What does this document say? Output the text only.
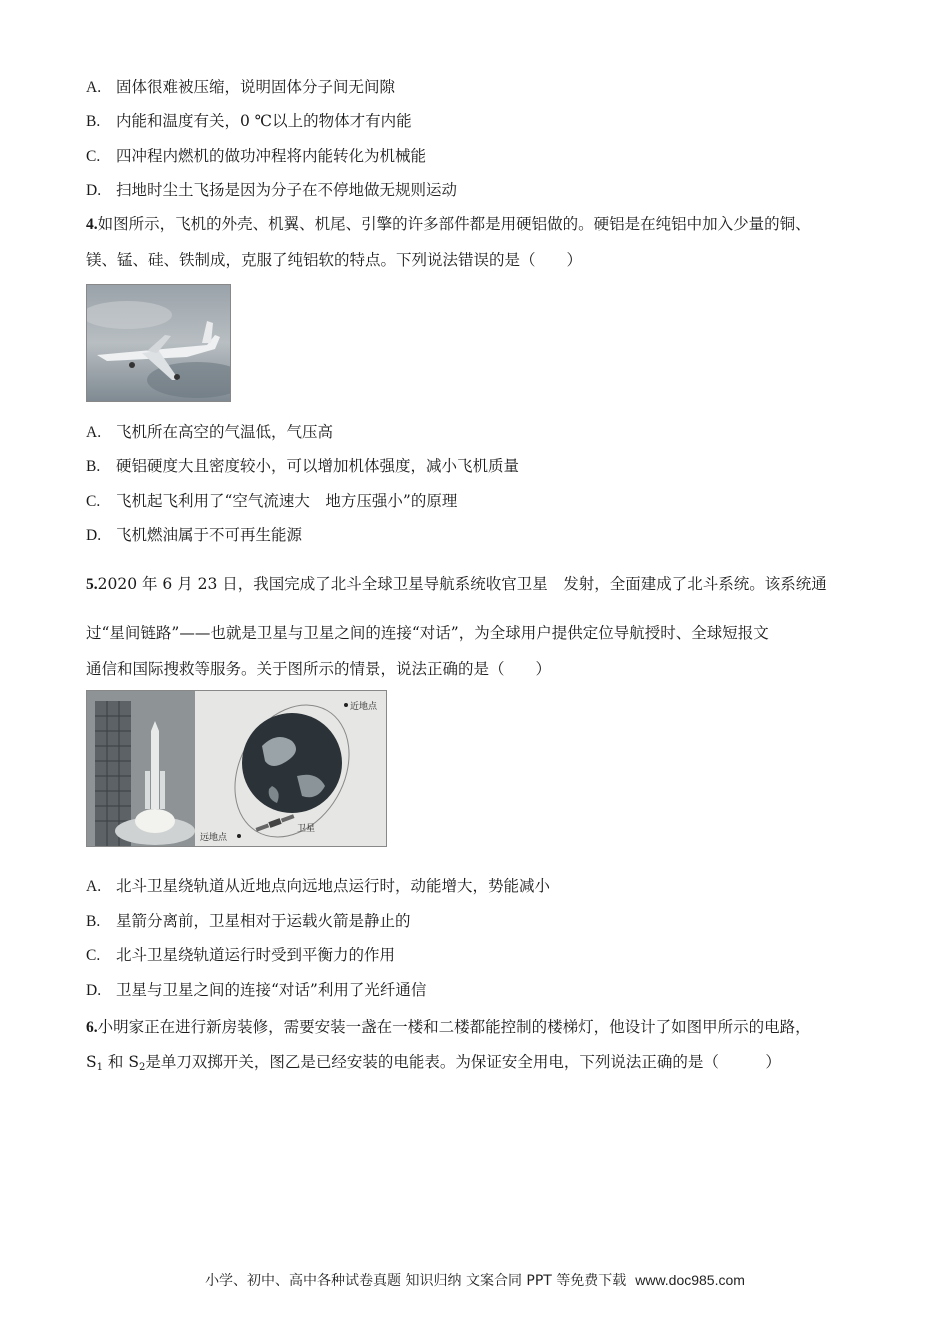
A. 固体很难被压缩，说明固体分子间无间隙
B. 内能和温度有关，0 ℃以上的物体才有内能
C. 四冲程内燃机的做功冲程将内能转化为机械能
D. 扫地时尘土飞扬是因为分子在不停地做无规则运动
4.如图所示，飞机的外壳、机翼、机尾、引擎的许多部件都是用硬铝做的。硬铝是在纯铝中加入少量的铜、
镁、锰、硅、铁制成，克服了纯铝软的特点。下列说法错误的是（　　）
A. 飞机所在高空的气温低，气压高
B. 硬铝硬度大且密度较小，可以增加机体强度，减小飞机质量
C. 飞机起飞利用了“空气流速大　地方压强小”的原理
D. 飞机燃油属于不可再生能源
5.2020 年 6 月 23 日，我国完成了北斗全球卫星导航系统收官卫星　发射，全面建成了北斗系统。该系统通
过“星间链路”——也就是卫星与卫星之间的连接“对话”，为全球用户提供定位导航授时、全球短报文
通信和国际搜救等服务。关于图所示的情景，说法正确的是（　　）
近地点
远地点
卫星
A. 北斗卫星绕轨道从近地点向远地点运行时，动能增大，势能减小
B. 星箭分离前，卫星相对于运载火箭是静止的
C. 北斗卫星绕轨道运行时受到平衡力的作用
D. 卫星与卫星之间的连接“对话”利用了光纤通信
6.小明家正在进行新房装修，需要安装一盏在一楼和二楼都能控制的楼梯灯，他设计了如图甲所示的电路，
$S_1$ 和 $S_2$是单刀双掷开关，图乙是已经安装的电能表。为保证安全用电，下列说法正确的是（　　　）
小学、初中、高中各种试卷真题 知识归纳 文案合同 PPT 等免费下载 www.doc985.com
